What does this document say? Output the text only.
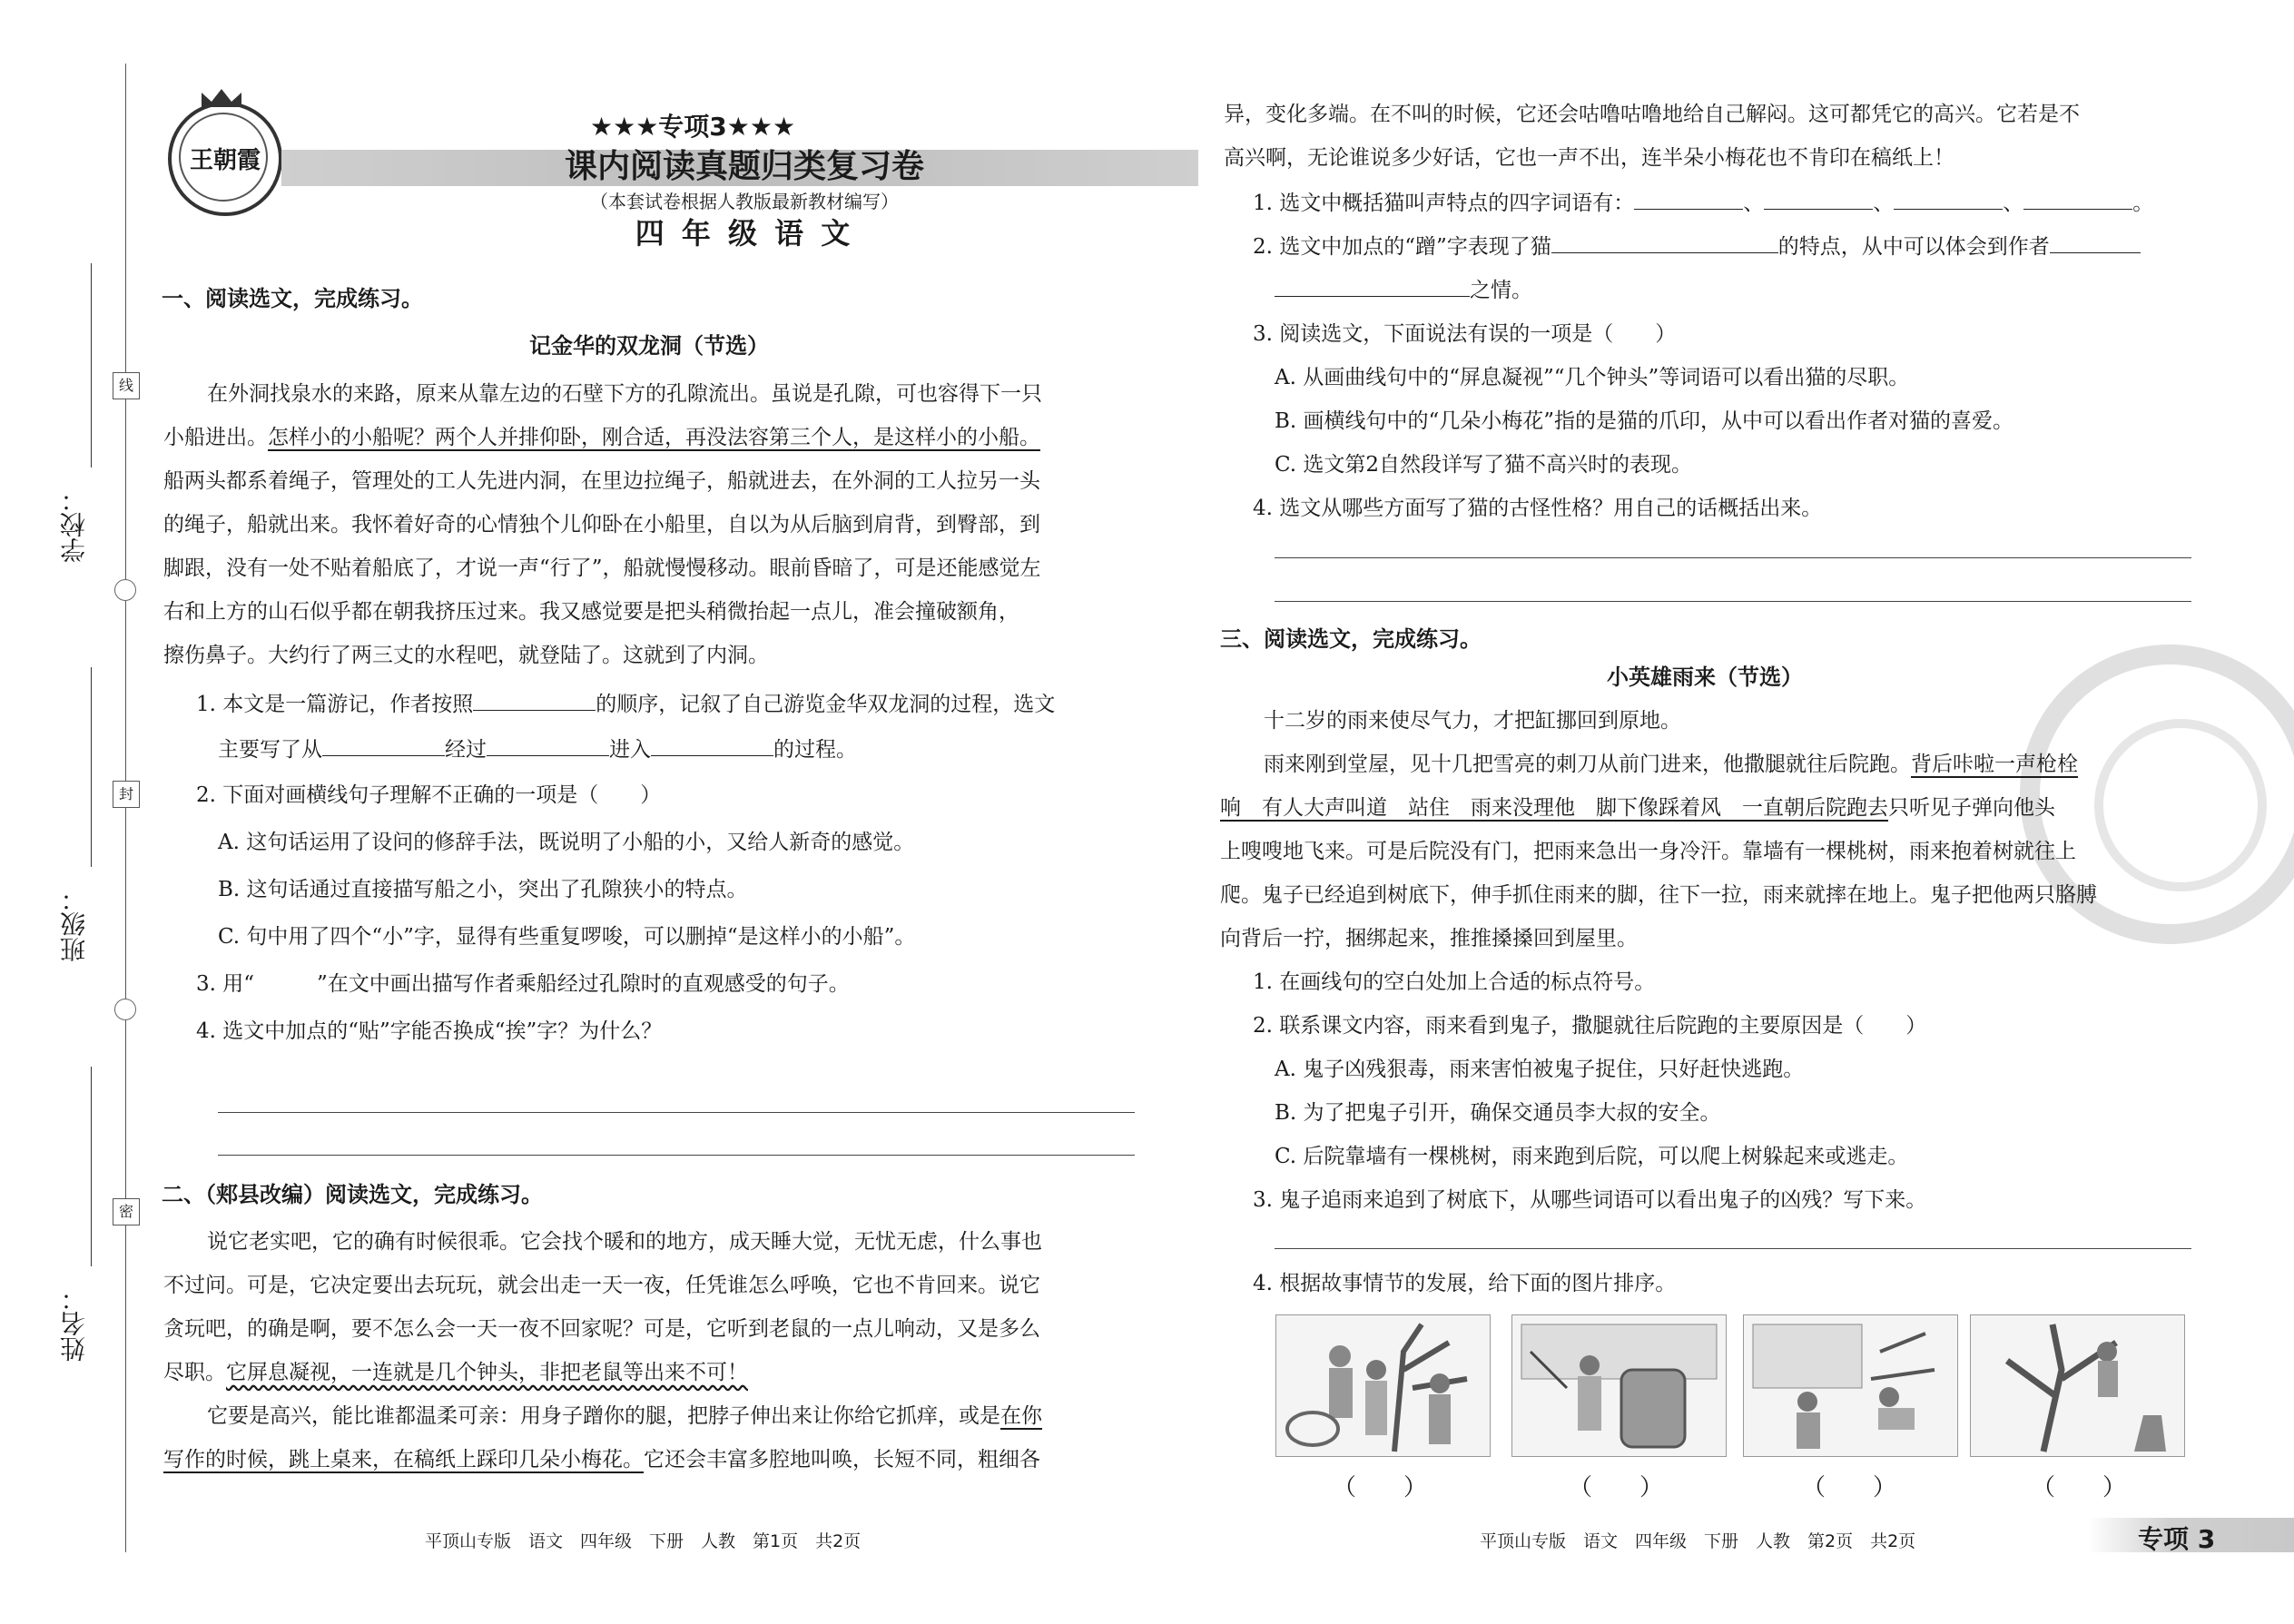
线
封
密
学校：
班级：
姓名：
王朝霞
★★★专项3★★★
课内阅读真题归类复习卷
（本套试卷根据人教版最新教材编写）
四 年 级 语 文
一、阅读选文，完成练习。
记金华的双龙洞（节选）
在外洞找泉水的来路，原来从靠左边的石壁下方的孔隙流出。虽说是孔隙，可也容得下一只
小船进出。怎样小的小船呢？两个人并排仰卧，刚合适，再没法容第三个人，是这样小的小船。
船两头都系着绳子，管理处的工人先进内洞，在里边拉绳子，船就进去，在外洞的工人拉另一头
的绳子，船就出来。我怀着好奇的心情独个儿仰卧在小船里，自以为从后脑到肩背，到臀部，到
脚跟，没有一处不贴着船底了，才说一声“行了”，船就慢慢移动。眼前昏暗了，可是还能感觉左
右和上方的山石似乎都在朝我挤压过来。我又感觉要是把头稍微抬起一点儿，准会撞破额角，
擦伤鼻子。大约行了两三丈的水程吧，就登陆了。这就到了内洞。
1. 本文是一篇游记，作者按照	的顺序，记叙了自己游览金华双龙洞的过程，选文
主要写了从	经过	进入	的过程。
2. 下面对画横线句子理解不正确的一项是（　　）
A. 这句话运用了设问的修辞手法，既说明了小船的小，又给人新奇的感觉。
B. 这句话通过直接描写船之小，突出了孔隙狭小的特点。
C. 句中用了四个“小”字，显得有些重复啰唆，可以删掉“是这样小的小船”。
3. 用“　　　”在文中画出描写作者乘船经过孔隙时的直观感受的句子。
4. 选文中加点的“贴”字能否换成“挨”字？为什么？
二、（郏县改编）阅读选文，完成练习。
说它老实吧，它的确有时候很乖。它会找个暖和的地方，成天睡大觉，无忧无虑，什么事也
不过问。可是，它决定要出去玩玩，就会出走一天一夜，任凭谁怎么呼唤，它也不肯回来。说它
贪玩吧，的确是啊，要不怎么会一天一夜不回家呢？可是，它听到老鼠的一点儿响动，又是多么
尽职。它屏息凝视，一连就是几个钟头，非把老鼠等出来不可！
它要是高兴，能比谁都温柔可亲：用身子蹭你的腿，把脖子伸出来让你给它抓痒，或是在你
写作的时候，跳上桌来，在稿纸上踩印几朵小梅花。它还会丰富多腔地叫唤，长短不同，粗细各
平顶山专版　语文　四年级　下册　人教　第1页　共2页
异，变化多端。在不叫的时候，它还会咕噜咕噜地给自己解闷。这可都凭它的高兴。它若是不
高兴啊，无论谁说多少好话，它也一声不出，连半朵小梅花也不肯印在稿纸上！
1. 选文中概括猫叫声特点的四字词语有：	、	、	、	。
2. 选文中加点的“蹭”字表现了猫	的特点，从中可以体会到作者
之情。
3. 阅读选文，下面说法有误的一项是（　　）
A. 从画曲线句中的“屏息凝视”“几个钟头”等词语可以看出猫的尽职。
B. 画横线句中的“几朵小梅花”指的是猫的爪印，从中可以看出作者对猫的喜爱。
C. 选文第2自然段详写了猫不高兴时的表现。
4. 选文从哪些方面写了猫的古怪性格？用自己的话概括出来。
三、阅读选文，完成练习。
小英雄雨来（节选）
十二岁的雨来使尽气力，才把缸挪回到原地。
雨来刚到堂屋，见十几把雪亮的刺刀从前门进来，他撒腿就往后院跑。背后咔啦一声枪栓
响　有人大声叫道　站住　雨来没理他　脚下像踩着风　一直朝后院跑去只听见子弹向他头
上嗖嗖地飞来。可是后院没有门，把雨来急出一身冷汗。靠墙有一棵桃树，雨来抱着树就往上
爬。鬼子已经追到树底下，伸手抓住雨来的脚，往下一拉，雨来就摔在地上。鬼子把他两只胳膊
向背后一拧，捆绑起来，推推搡搡回到屋里。
1. 在画线句的空白处加上合适的标点符号。
2. 联系课文内容，雨来看到鬼子，撒腿就往后院跑的主要原因是（　　）
A. 鬼子凶残狠毒，雨来害怕被鬼子捉住，只好赶快逃跑。
B. 为了把鬼子引开，确保交通员李大叔的安全。
C. 后院靠墙有一棵桃树，雨来跑到后院，可以爬上树躲起来或逃走。
3. 鬼子追雨来追到了树底下，从哪些词语可以看出鬼子的凶残？写下来。
4. 根据故事情节的发展，给下面的图片排序。
（　　）	（　　）	（　　）	（　　）
平顶山专版　语文　四年级　下册　人教　第2页　共2页	专项 3
